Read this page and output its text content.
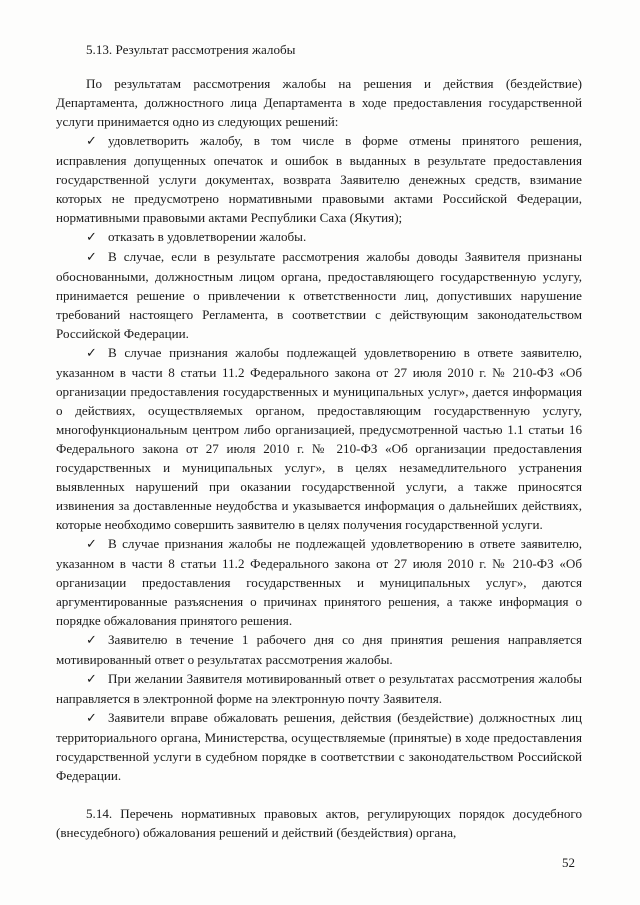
5.13. Результат рассмотрения жалобы

По результатам рассмотрения жалобы на решения и действия (бездействие) Департамента, должностного лица Департамента в ходе предоставления государственной услуги принимается одно из следующих решений:

✓ удовлетворить жалобу, в том числе в форме отмены принятого решения, исправления допущенных опечаток и ошибок в выданных в результате предоставления государственной услуги документах, возврата Заявителю денежных средств, взимание которых не предусмотрено нормативными правовыми актами Российской Федерации, нормативными правовыми актами Республики Саха (Якутия);

✓ отказать в удовлетворении жалобы.

✓ В случае, если в результате рассмотрения жалобы доводы Заявителя признаны обоснованными, должностным лицом органа, предоставляющего государственную услугу, принимается решение о привлечении к ответственности лиц, допустивших нарушение требований настоящего Регламента, в соответствии с действующим законодательством Российской Федерации.

✓ В случае признания жалобы подлежащей удовлетворению в ответе заявителю, указанном в части 8 статьи 11.2 Федерального закона от 27 июля 2010 г. № 210-ФЗ «Об организации предоставления государственных и муниципальных услуг», дается информация о действиях, осуществляемых органом, предоставляющим государственную услугу, многофункциональным центром либо организацией, предусмотренной частью 1.1 статьи 16 Федерального закона от 27 июля 2010 г. № 210-ФЗ «Об организации предоставления государственных и муниципальных услуг», в целях незамедлительного устранения выявленных нарушений при оказании государственной услуги, а также приносятся извинения за доставленные неудобства и указывается информация о дальнейших действиях, которые необходимо совершить заявителю в целях получения государственной услуги.

✓ В случае признания жалобы не подлежащей удовлетворению в ответе заявителю, указанном в части 8 статьи 11.2 Федерального закона от 27 июля 2010 г. № 210-ФЗ «Об организации предоставления государственных и муниципальных услуг», даются аргументированные разъяснения о причинах принятого решения, а также информация о порядке обжалования принятого решения.

✓ Заявителю в течение 1 рабочего дня со дня принятия решения направляется мотивированный ответ о результатах рассмотрения жалобы.

✓ При желании Заявителя мотивированный ответ о результатах рассмотрения жалобы направляется в электронной форме на электронную почту Заявителя.

✓ Заявители вправе обжаловать решения, действия (бездействие) должностных лиц территориального органа, Министерства, осуществляемые (принятые) в ходе предоставления государственной услуги в судебном порядке в соответствии с законодательством Российской Федерации.

5.14. Перечень нормативных правовых актов, регулирующих порядок досудебного (внесудебного) обжалования решений и действий (бездействия) органа,

52
